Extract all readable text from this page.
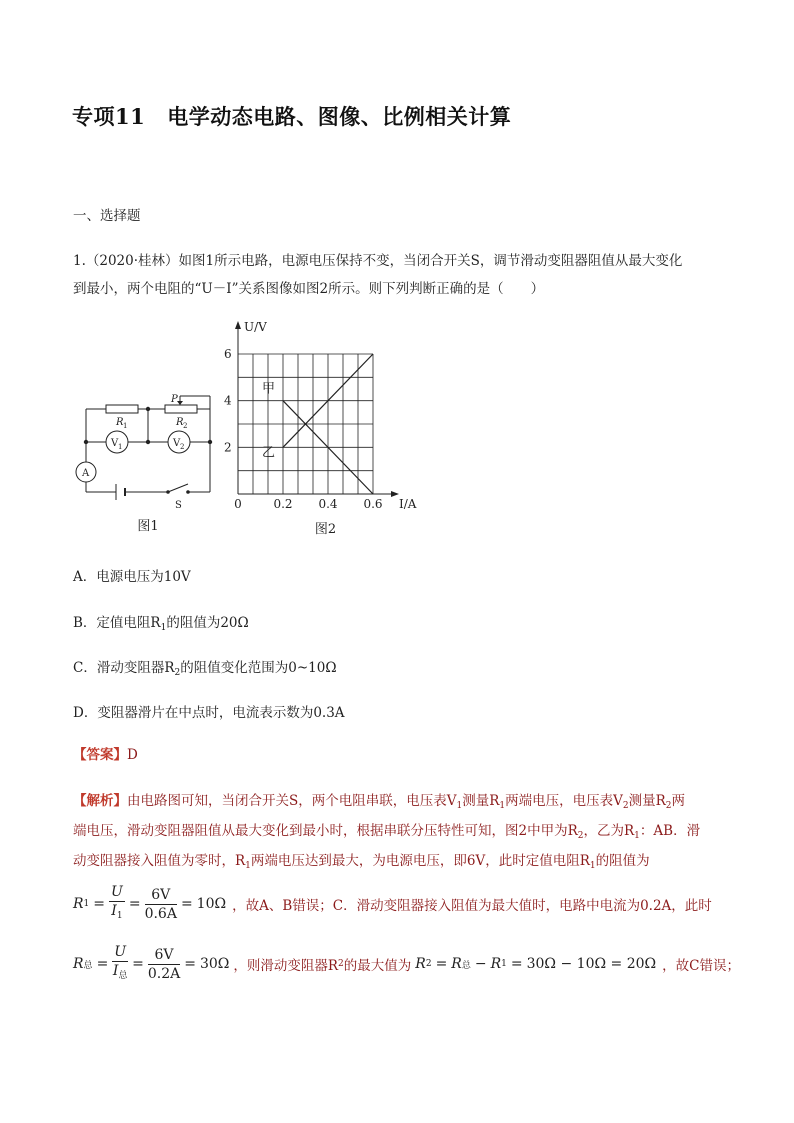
专项11 电学动态电路、图像、比例相关计算
一、选择题
1.（2020·桂林）如图1所示电路，电源电压保持不变，当闭合开关S，调节滑动变阻器阻值从最大变化
到最小，两个电阻的“U－I”关系图像如图2所示。则下列判断正确的是（　　）
R 1	R 2
P
V 1	V 2
A
S
图1
U/V
I/A
2
4
6
0	0.2 0.4 0.6
甲
乙
图2
A．电源电压为10V
B．定值电阻$R_1$的阻值为20Ω
C．滑动变阻器$R_2$的阻值变化范围为0~10Ω
D．变阻器滑片在中点时，电流表示数为0.3A
【答案】D
【解析】由电路图可知，当闭合开关S，两个电阻串联，电压表$V_1$测量$R_1$两端电压，电压表$V_2$测量$R_2$两
端电压，滑动变阻器阻值从最大变化到最小时，根据串联分压特性可知，图2中甲为$R_2$，乙为$R_1$：AB．滑
动变阻器接入阻值为零时，$R_1$两端电压达到最大，为电源电压，即6V，此时定值电阻$R_1$的阻值为
R $1 = \frac{U}{I_1} = \frac{6V}{0.6A} = 10\Omega$ ，故A、B错误；C．滑动变阻器接入阻值为最大值时，电路中电流为0.2A，此时
R 总 = $\frac{U}{I_总} = \frac{6V}{0.2A} = 30\Omega$ ，则滑动变阻器R 2 的最大值为 R 2 = R 总 − R 1 = 30Ω − 10Ω = 20Ω ，故C错误；
